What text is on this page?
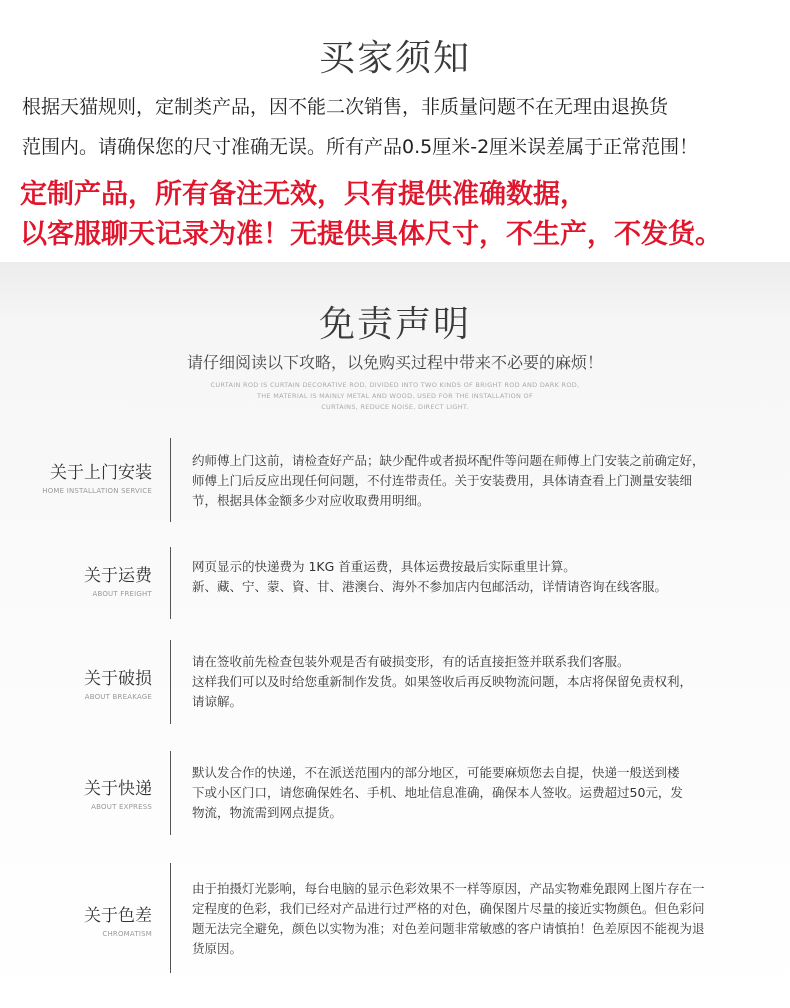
买家须知
根据天猫规则，定制类产品，因不能二次销售，非质量问题不在无理由退换货
范围内。请确保您的尺寸准确无误。所有产品0.5厘米-2厘米误差属于正常范围！
定制产品，所有备注无效，只有提供准确数据，
以客服聊天记录为准！无提供具体尺寸，不生产，不发货。
免责声明
请仔细阅读以下攻略，以免购买过程中带来不必要的麻烦！
CURTAIN ROD IS CURTAIN DECORATIVE ROD, DIVIDED INTO TWO KINDS OF BRIGHT ROD AND DARK ROD,
THE MATERIAL IS MAINLY METAL AND WOOD, USED FOR THE INSTALLATION OF
CURTAINS, REDUCE NOISE, DIRECT LIGHT.
关于上门安装
HOME INSTALLATION SERVICE
约师傅上门这前，请检查好产品；缺少配件或者损坏配件等问题在师傅上门安装之前确定好，
师傅上门后反应出现任何问题，不付连带责任。关于安装费用，具体请查看上门测量安装细
节，根据具体金额多少对应收取费用明细。
关于运费
ABOUT FREIGHT
网页显示的快递费为 1KG 首重运费，具体运费按最后实际重里计算。
新、藏、宁、蒙、資、甘、港澳台、海外不参加店内包邮活动，详情请咨询在线客服。
关于破损
ABOUT BREAKAGE
请在签收前先检查包装外观是否有破损变形，有的话直接拒签并联系我们客服。
这样我们可以及时给您重新制作发货。如果签收后再反映物流问题，本店将保留免责权利，
请谅解。
关于快递
ABOUT EXPRESS
默认发合作的快递，不在派送范围内的部分地区，可能要麻烦您去自提，快递一般送到楼
下或小区门口，请您确保姓名、手机、地址信息准确，确保本人签收。运费超过50元，发
物流，物流需到网点提货。
关于色差
CHROMATISM
由于拍摄灯光影响，每台电脑的显示色彩效果不一样等原因，产品实物难免跟网上图片存在一
定程度的色彩，我们已经对产品进行过严格的对色，确保图片尽量的接近实物颜色。但色彩问
题无法完全避免，颜色以实物为准；对色差问题非常敏感的客户请慎拍！色差原因不能视为退
货原因。
